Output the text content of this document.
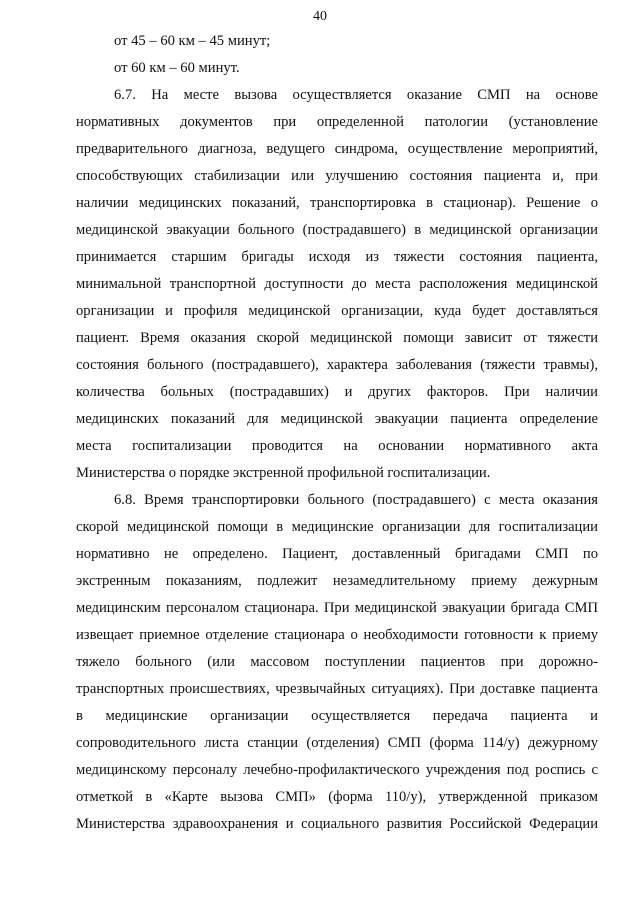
40
от 45 – 60 км – 45 минут;
от 60 км – 60 минут.
6.7. На месте вызова осуществляется оказание СМП на основе
нормативных документов при определенной патологии (установление
предварительного диагноза, ведущего синдрома, осуществление мероприятий,
способствующих стабилизации или улучшению состояния пациента и, при
наличии медицинских показаний, транспортировка в стационар). Решение о
медицинской эвакуации больного (пострадавшего) в медицинской организации
принимается старшим бригады исходя из тяжести состояния пациента,
минимальной транспортной доступности до места расположения медицинской
организации и профиля медицинской организации, куда будет доставляться
пациент. Время оказания скорой медицинской помощи зависит от тяжести
состояния больного (пострадавшего), характера заболевания (тяжести травмы),
количества больных (пострадавших) и других факторов. При наличии
медицинских показаний для медицинской эвакуации пациента определение
места госпитализации проводится на основании нормативного акта
Министерства о порядке экстренной профильной госпитализации.
6.8. Время транспортировки больного (пострадавшего) с места оказания
скорой медицинской помощи в медицинские организации для госпитализации
нормативно не определено. Пациент, доставленный бригадами СМП по
экстренным показаниям, подлежит незамедлительному приему дежурным
медицинским персоналом стационара. При медицинской эвакуации бригада СМП
извещает приемное отделение стационара о необходимости готовности к приему
тяжело больного (или массовом поступлении пациентов при дорожно-
транспортных происшествиях, чрезвычайных ситуациях). При доставке пациента
в медицинские организации осуществляется передача пациента и
сопроводительного листа станции (отделения) СМП (форма 114/у) дежурному
медицинскому персоналу лечебно-профилактического учреждения под роспись с
отметкой в «Карте вызова СМП» (форма 110/у), утвержденной приказом
Министерства здравоохранения и социального развития Российской Федерации
